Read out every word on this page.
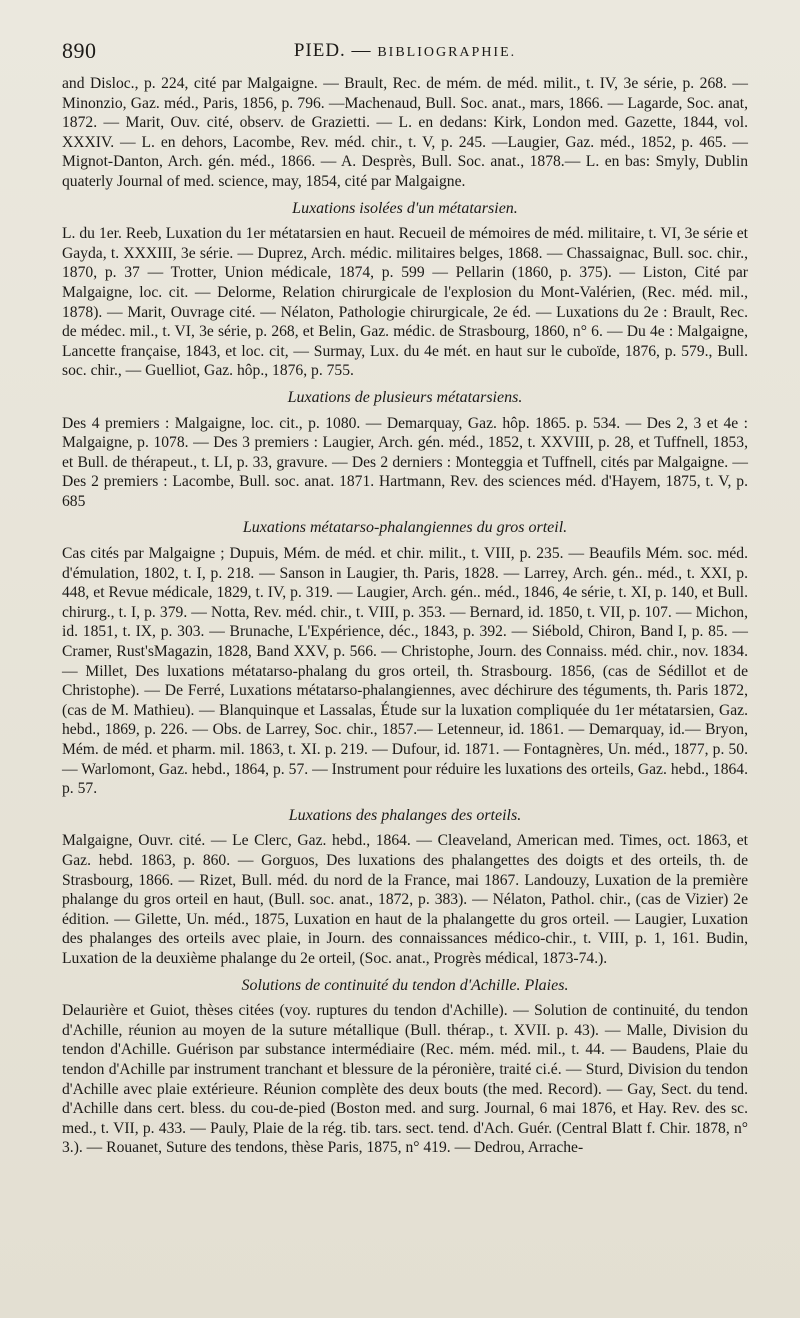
890	PIED. — BIBLIOGRAPHIE.

and Disloc., p. 224, cité par Malgaigne. — Brault, Rec. de mém. de méd. milit., t. IV, 3e série, p. 268. — Minonzio, Gaz. méd., Paris, 1856, p. 796. —Machenaud, Bull. Soc. anat., mars, 1866. — Lagarde, Soc. anat, 1872. — Marit, Ouv. cité, observ. de Grazietti. — L. en dedans: Kirk, London med. Gazette, 1844, vol. XXXIV. — L. en dehors, Lacombe, Rev. méd. chir., t. V, p. 245. —Laugier, Gaz. méd., 1852, p. 465. — Mignot-Danton, Arch. gén. méd., 1866. — A. Desprès, Bull. Soc. anat., 1878.— L. en bas: Smyly, Dublin quaterly Journal of med. science, may, 1854, cité par Malgaigne.

Luxations isolées d'un métatarsien.

L. du 1er. Reeb, Luxation du 1er métatarsien en haut. Recueil de mémoires de méd. militaire, t. VI, 3e série et Gayda, t. XXXIII, 3e série. — Duprez, Arch. médic. militaires belges, 1868. — Chassaignac, Bull. soc. chir., 1870, p. 37 — Trotter, Union médicale, 1874, p. 599 — Pellarin (1860, p. 375). — Liston, Cité par Malgaigne, loc. cit. — Delorme, Relation chirurgicale de l'explosion du Mont-Valérien, (Rec. méd. mil., 1878). — Marit, Ouvrage cité. — Nélaton, Pathologie chirurgicale, 2e éd. — Luxations du 2e : Brault, Rec. de médec. mil., t. VI, 3e série, p. 268, et Belin, Gaz. médic. de Strasbourg, 1860, n° 6. — Du 4e : Malgaigne, Lancette française, 1843, et loc. cit, — Surmay, Lux. du 4e mét. en haut sur le cuboïde, 1876, p. 579., Bull. soc. chir., — Guelliot, Gaz. hôp., 1876, p. 755.

Luxations de plusieurs métatarsiens.

Des 4 premiers : Malgaigne, loc. cit., p. 1080. — Demarquay, Gaz. hôp. 1865. p. 534. — Des 2, 3 et 4e : Malgaigne, p. 1078. — Des 3 premiers : Laugier, Arch. gén. méd., 1852, t. XXVIII, p. 28, et Tuffnell, 1853, et Bull. de thérapeut., t. LI, p. 33, gravure. — Des 2 derniers : Monteggia et Tuffnell, cités par Malgaigne. — Des 2 premiers : Lacombe, Bull. soc. anat. 1871. Hartmann, Rev. des sciences méd. d'Hayem, 1875, t. V, p. 685

Luxations métatarso-phalangiennes du gros orteil.

Cas cités par Malgaigne ; Dupuis, Mém. de méd. et chir. milit., t. VIII, p. 235. — Beaufils Mém. soc. méd. d'émulation, 1802, t. I, p. 218. — Sanson in Laugier, th. Paris, 1828. — Larrey, Arch. gén.. méd., t. XXI, p. 448, et Revue médicale, 1829, t. IV, p. 319. — Laugier, Arch. gén.. méd., 1846, 4e série, t. XI, p. 140, et Bull. chirurg., t. I, p. 379. — Notta, Rev. méd. chir., t. VIII, p. 353. — Bernard, id. 1850, t. VII, p. 107. — Michon, id. 1851, t. IX, p. 303. — Brunache, L'Expérience, déc., 1843, p. 392. — Siébold, Chiron, Band I, p. 85. — Cramer, Rust'sMagazin, 1828, Band XXV, p. 566. — Christophe, Journ. des Connaiss. méd. chir., nov. 1834. — Millet, Des luxations métatarso-phalang du gros orteil, th. Strasbourg. 1856, (cas de Sédillot et de Christophe). — De Ferré, Luxations métatarso-phalangiennes, avec déchirure des téguments, th. Paris 1872, (cas de M. Mathieu). — Blanquinque et Lassalas, Étude sur la luxation compliquée du 1er métatarsien, Gaz. hebd., 1869, p. 226. — Obs. de Larrey, Soc. chir., 1857.— Letenneur, id. 1861. — Demarquay, id.— Bryon, Mém. de méd. et pharm. mil. 1863, t. XI. p. 219. — Dufour, id. 1871. — Fontagnères, Un. méd., 1877, p. 50. — Warlomont, Gaz. hebd., 1864, p. 57. — Instrument pour réduire les luxations des orteils, Gaz. hebd., 1864. p. 57.

Luxations des phalanges des orteils.

Malgaigne, Ouvr. cité. — Le Clerc, Gaz. hebd., 1864. — Cleaveland, American med. Times, oct. 1863, et Gaz. hebd. 1863, p. 860. — Gorguos, Des luxations des phalangettes des doigts et des orteils, th. de Strasbourg, 1866. — Rizet, Bull. méd. du nord de la France, mai 1867. Landouzy, Luxation de la première phalange du gros orteil en haut, (Bull. soc. anat., 1872, p. 383). — Nélaton, Pathol. chir., (cas de Vizier) 2e édition. — Gilette, Un. méd., 1875, Luxation en haut de la phalangette du gros orteil. — Laugier, Luxation des phalanges des orteils avec plaie, in Journ. des connaissances médico-chir., t. VIII, p. 1, 161. Budin, Luxation de la deuxième phalange du 2e orteil, (Soc. anat., Progrès médical, 1873-74.).

Solutions de continuité du tendon d'Achille. Plaies.

Delaurière et Guiot, thèses citées (voy. ruptures du tendon d'Achille). — Solution de continuité, du tendon d'Achille, réunion au moyen de la suture métallique (Bull. thérap., t. XVII. p. 43). — Malle, Division du tendon d'Achille. Guérison par substance intermédiaire (Rec. mém. méd. mil., t. 44. — Baudens, Plaie du tendon d'Achille par instrument tranchant et blessure de la péronière, traité ci.é. — Sturd, Division du tendon d'Achille avec plaie extérieure. Réunion complète des deux bouts (the med. Record). — Gay, Sect. du tend. d'Achille dans cert. bless. du cou-de-pied (Boston med. and surg. Journal, 6 mai 1876, et Hay. Rev. des sc. med., t. VII, p. 433. — Pauly, Plaie de la rég. tib. tars. sect. tend. d'Ach. Guér. (Central Blatt f. Chir. 1878, n° 3.). — Rouanet, Suture des tendons, thèse Paris, 1875, n° 419. — Dedrou, Arrache-
